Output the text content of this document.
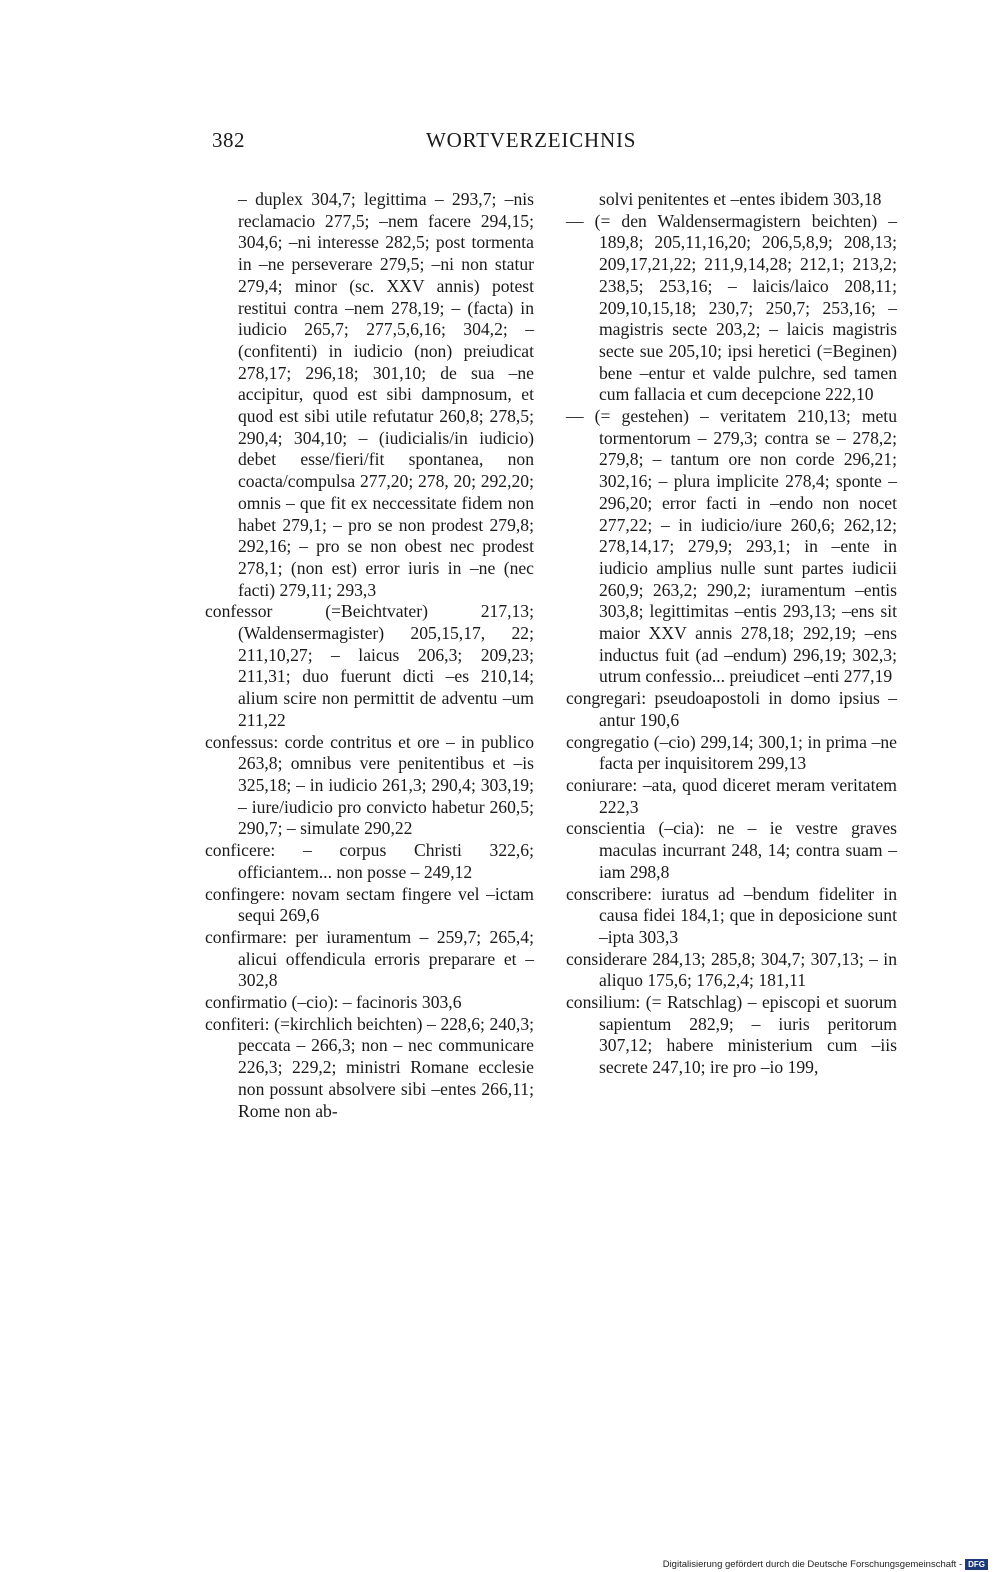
382	WORTVERZEICHNIS

– duplex 304,7; legittima – 293,7; –nis reclamacio 277,5; –nem facere 294,15; 304,6; –ni interesse 282,5; post tormenta in –ne perseverare 279,5; –ni non statur 279,4; minor (sc. XXV annis) potest restitui contra –nem 278,19; – (facta) in iudicio 265,7; 277,5,6,16; 304,2; – (confitenti) in iudicio (non) preiudicat 278,17; 296,18; 301,10; de sua –ne accipitur, quod est sibi dampnosum, et quod est sibi utile refutatur 260,8; 278,5; 290,4; 304,10; – (iudicialis/in iudicio) debet esse/fieri/fit spontanea, non coacta/compulsa 277,20; 278, 20; 292,20; omnis – que fit ex neccessitate fidem non habet 279,1; – pro se non prodest 279,8; 292,16; – pro se non obest nec prodest 278,1; (non est) error iuris in –ne (nec facti) 279,11; 293,3

confessor (=Beichtvater) 217,13; (Waldensermagister) 205,15,17, 22; 211,10,27; – laicus 206,3; 209,23; 211,31; duo fuerunt dicti –es 210,14; alium scire non permittit de adventu –um 211,22

confessus: corde contritus et ore – in publico 263,8; omnibus vere penitentibus et –is 325,18; – in iudicio 261,3; 290,4; 303,19; – iure/iudicio pro convicto habetur 260,5; 290,7; – simulate 290,22

conficere: – corpus Christi 322,6; officiantem... non posse – 249,12

confingere: novam sectam fingere vel –ictam sequi 269,6

confirmare: per iuramentum – 259,7; 265,4; alicui offendicula erroris preparare et – 302,8

confirmatio (–cio): – facinoris 303,6

confiteri: (=kirchlich beichten) – 228,6; 240,3; peccata – 266,3; non – nec communicare 226,3; 229,2; ministri Romane ecclesie non possunt absolvere sibi –entes 266,11; Rome non ab-

solvi penitentes et –entes ibidem 303,18

— (= den Waldensermagistern beichten) – 189,8; 205,11,16,20; 206,5,8,9; 208,13; 209,17,21,22; 211,9,14,28; 212,1; 213,2; 238,5; 253,16; – laicis/laico 208,11; 209,10,15,18; 230,7; 250,7; 253,16; – magistris secte 203,2; – laicis magistris secte sue 205,10; ipsi heretici (=Beginen) bene –entur et valde pulchre, sed tamen cum fallacia et cum decepcione 222,10

— (= gestehen) – veritatem 210,13; metu tormentorum – 279,3; contra se – 278,2; 279,8; – tantum ore non corde 296,21; 302,16; – plura implicite 278,4; sponte – 296,20; error facti in –endo non nocet 277,22; – in iudicio/iure 260,6; 262,12; 278,14,17; 279,9; 293,1; in –ente in iudicio amplius nulle sunt partes iudicii 260,9; 263,2; 290,2; iuramentum –entis 303,8; legittimitas –entis 293,13; –ens sit maior XXV annis 278,18; 292,19; –ens inductus fuit (ad –endum) 296,19; 302,3; utrum confessio... preiudicet –enti 277,19

congregari: pseudoapostoli in domo ipsius –antur 190,6

congregatio (–cio) 299,14; 300,1; in prima –ne facta per inquisitorem 299,13

coniurare: –ata, quod diceret meram veritatem 222,3

conscientia (–cia): ne – ie vestre graves maculas incurrant 248, 14; contra suam –iam 298,8

conscribere: iuratus ad –bendum fideliter in causa fidei 184,1; que in deposicione sunt –ipta 303,3

considerare 284,13; 285,8; 304,7; 307,13; – in aliquo 175,6; 176,2,4; 181,11

consilium: (= Ratschlag) – episcopi et suorum sapientum 282,9; – iuris peritorum 307,12; habere ministerium cum –iis secrete 247,10; ire pro –io 199,

Digitalisierung gefördert durch die Deutsche Forschungsgemeinschaft - DFG
